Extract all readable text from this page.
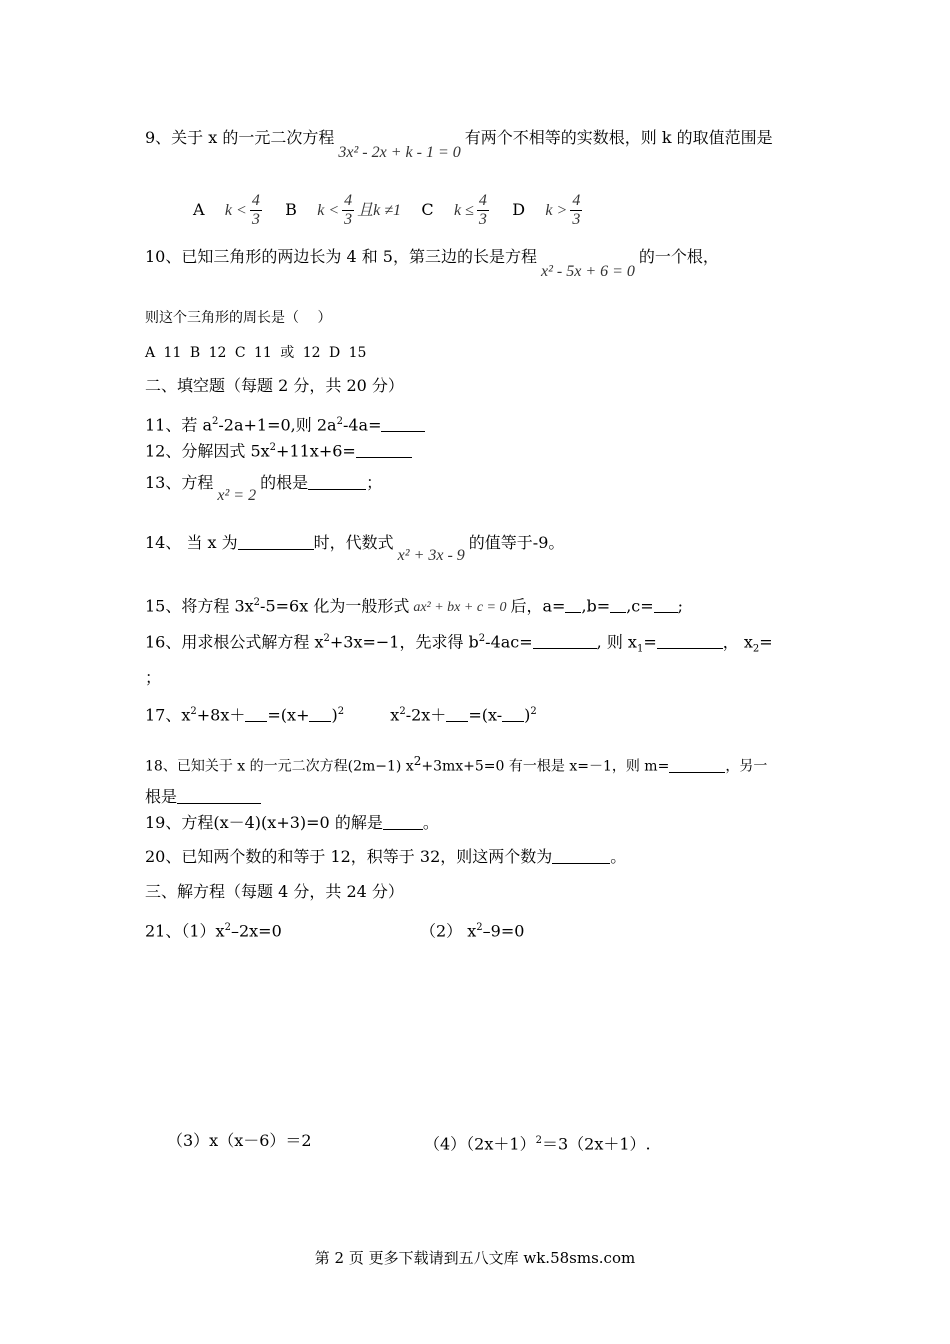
9、关于 x 的一元二次方程3x² - 2x + k - 1 = 0有两个不相等的实数根，则 k 的取值范围是
A $k < \frac{4}{3}$ B $k < \frac{4}{3}$ 且k ≠1 C $k \le \frac{4}{3}$ D $k > \frac{4}{3}$
10、已知三角形的两边长为 4 和 5，第三边的长是方程x² - 5x + 6 = 0的一个根，
则这个三角形的周长是（　 ）
A 11 B 12 C 11 或 12 D 15
二、填空题（每题 2 分，共 20 分）
11、若 $a^2-2a+1=0$,则 $2a^2-4a=$
12、分解因式 $5x^2+11x+6=$
13、方程x² = 2的根是	；
14、 当 x 为	时，代数式x² + 3x - 9的值等于-9。
15、将方程 $3x^2-5=6x$ 化为一般形式 ax² + bx + c = 0 后，a= ,b= ,c= ;
16、用求根公式解方程 $x^2+3x=-1$，先求得 $b^2-4ac=$	, 则 $x_1=$	， $x_2=$
；
17、$x^2+8x+ =(x+ )^2$	$x^2-2x+ =(x-$ )$^2$
18、已知关于 x 的一元二次方程(2m−1) $x^2+3mx+5=0$ 有一根是 x=－1，则 m=	，另一
根是
19、方程(x－4)(x+3)=0 的解是	。
20、已知两个数的和等于 12，积等于 32，则这两个数为	。
三、解方程（每题 4 分，共 24 分）
21、$(1)x^2-2x=0$	（2） $x^2-9=0$
（3）x（x－6）＝2	$(4)(2x+1)^2=3(2x+1)$.
第 2 页 更多下载请到五八文库 wk.58sms.com
